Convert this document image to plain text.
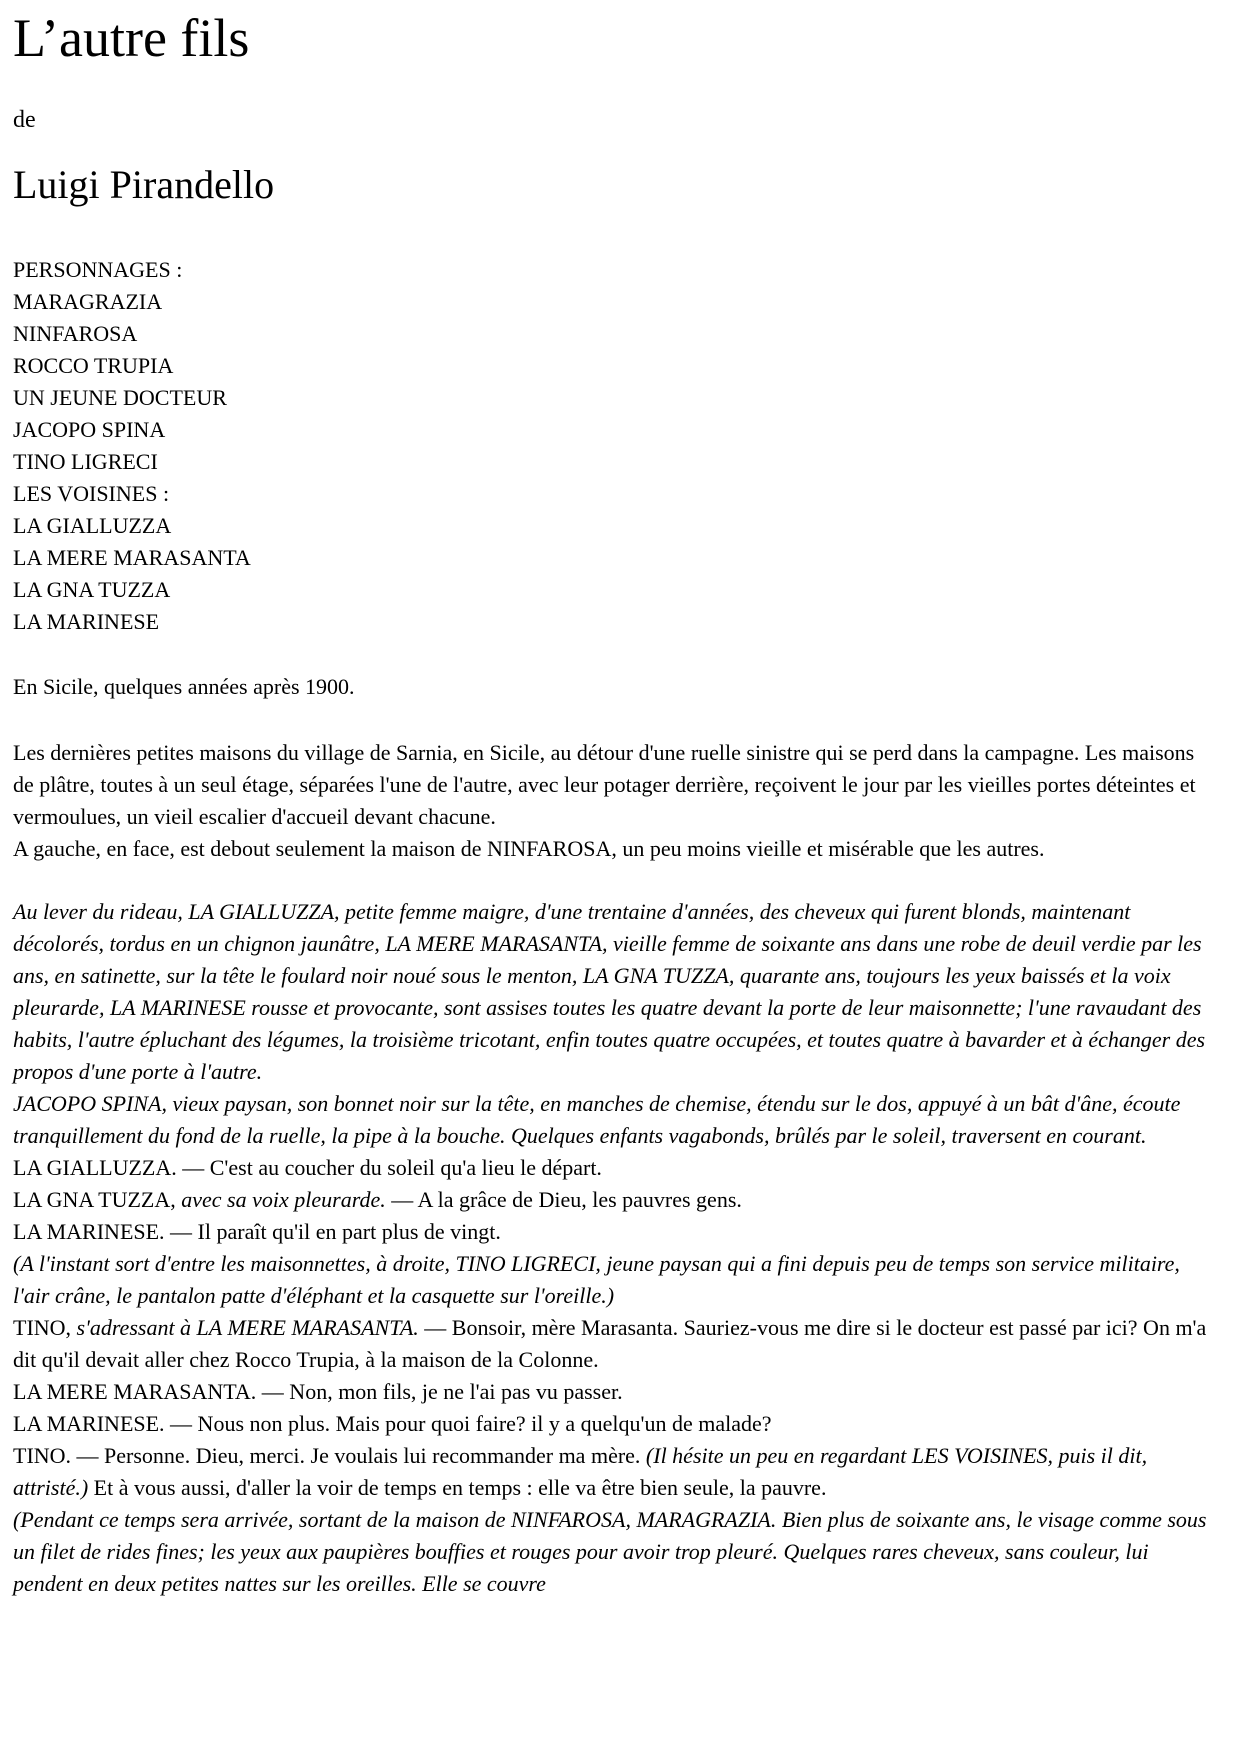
L’autre fils
de
Luigi Pirandello
PERSONNAGES :
MARAGRAZIA
NINFAROSA
ROCCO TRUPIA
UN JEUNE DOCTEUR
JACOPO SPINA
TINO LIGRECI
LES VOISINES :
LA GIALLUZZA
LA MERE MARASANTA
LA GNA TUZZA
LA MARINESE
En Sicile, quelques années après 1900.
Les dernières petites maisons du village de Sarnia, en Sicile, au détour d'une ruelle sinistre qui se perd dans la campagne. Les maisons de plâtre, toutes à un seul étage, séparées l'une de l'autre, avec leur potager derrière, reçoivent le jour par les vieilles portes déteintes et vermoulues, un vieil escalier d'accueil devant chacune.
A gauche, en face, est debout seulement la maison de NINFAROSA, un peu moins vieille et misérable que les autres.
Au lever du rideau, LA GIALLUZZA, petite femme maigre, d'une trentaine d'années, des cheveux qui furent blonds, maintenant décolorés, tordus en un chignon jaunâtre, LA MERE MARASANTA, vieille femme de soixante ans dans une robe de deuil verdie par les ans, en satinette, sur la tête le foulard noir noué sous le menton, LA GNA TUZZA, quarante ans, toujours les yeux baissés et la voix pleurarde, LA MARINESE rousse et provocante, sont assises toutes les quatre devant la porte de leur maisonnette; l'une ravaudant des habits, l'autre épluchant des légumes, la troisième tricotant, enfin toutes quatre occupées, et toutes quatre à bavarder et à échanger des propos d'une porte à l'autre.
JACOPO SPINA, vieux paysan, son bonnet noir sur la tête, en manches de chemise, étendu sur le dos, appuyé à un bât d'âne, écoute tranquillement du fond de la ruelle, la pipe à la bouche. Quelques enfants vagabonds, brûlés par le soleil, traversent en courant.
LA GIALLUZZA. — C'est au coucher du soleil qu'a lieu le départ.
LA GNA TUZZA, avec sa voix pleurarde. — A la grâce de Dieu, les pauvres gens.
LA MARINESE. — Il paraît qu'il en part plus de vingt.
(A l'instant sort d'entre les maisonnettes, à droite, TINO LIGRECI, jeune paysan qui a fini depuis peu de temps son service militaire, l'air crâne, le pantalon patte d'éléphant et la casquette sur l'oreille.)
TINO, s'adressant à LA MERE MARASANTA. — Bonsoir, mère Marasanta. Sauriez-vous me dire si le docteur est passé par ici? On m'a dit qu'il devait aller chez Rocco Trupia, à la maison de la Colonne.
LA MERE MARASANTA. — Non, mon fils, je ne l'ai pas vu passer.
LA MARINESE. — Nous non plus. Mais pour quoi faire? il y a quelqu'un de malade?
TINO. — Personne. Dieu, merci. Je voulais lui recommander ma mère. (Il hésite un peu en regardant LES VOISINES, puis il dit, attristé.) Et à vous aussi, d'aller la voir de temps en temps : elle va être bien seule, la pauvre.
(Pendant ce temps sera arrivée, sortant de la maison de NINFAROSA, MARAGRAZIA. Bien plus de soixante ans, le visage comme sous un filet de rides fines; les yeux aux paupières bouffies et rouges pour avoir trop pleuré. Quelques rares cheveux, sans couleur, lui pendent en deux petites nattes sur les oreilles. Elle se couvre
